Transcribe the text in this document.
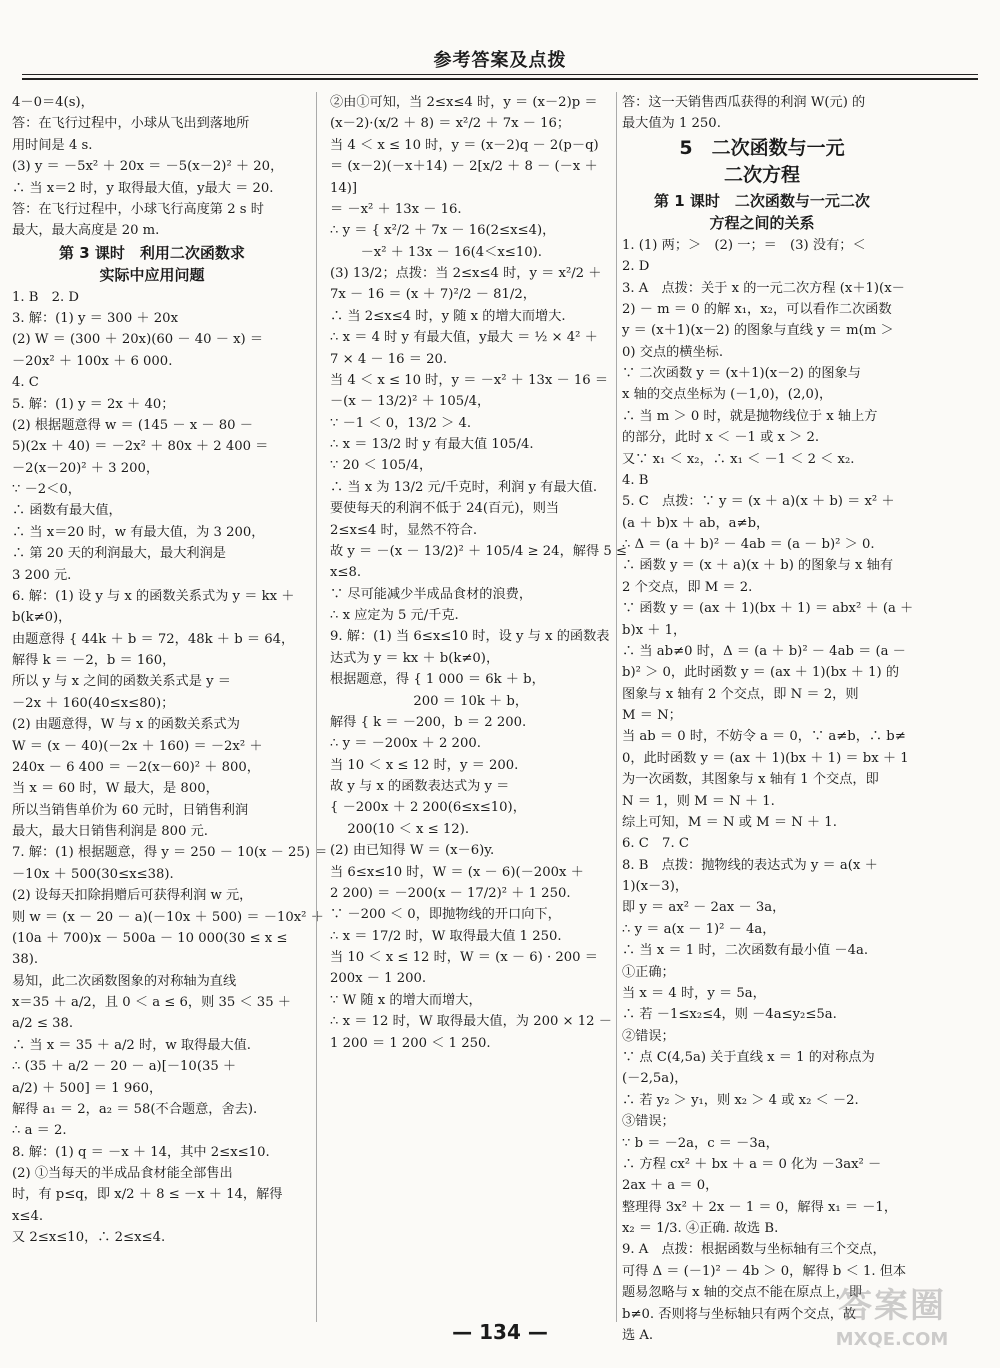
参考答案及点拨
4－0＝4(s)，
答：在飞行过程中，小球从飞出到落地所
用时间是 4 s.
(3) y ＝ －5x² ＋ 20x ＝ －5(x－2)² ＋ 20，
∴ 当 x＝2 时，y 取得最大值，y最大 ＝ 20.
答：在飞行过程中，小球飞行高度第 2 s 时
最大，最大高度是 20 m.
第 3 课时　利用二次函数求
实际中应用问题
1. B　2. D
3. 解：(1) y ＝ 300 ＋ 20x
(2) W ＝ (300 ＋ 20x)(60 － 40 － x) ＝
－20x² ＋ 100x ＋ 6 000.
4. C
5. 解：(1) y ＝ 2x ＋ 40；
(2) 根据题意得 w ＝ (145 － x － 80 －
5)(2x ＋ 40) ＝ －2x² ＋ 80x ＋ 2 400 ＝
－2(x－20)² ＋ 3 200，
∵ －2＜0，
∴ 函数有最大值，
∴ 当 x＝20 时，w 有最大值，为 3 200，
∴ 第 20 天的利润最大，最大利润是
3 200 元.
6. 解：(1) 设 y 与 x 的函数关系式为 y ＝ kx ＋
b(k≠0)，
由题意得 { 44k ＋ b ＝ 72，48k ＋ b ＝ 64，
解得 k ＝ －2，b ＝ 160，
所以 y 与 x 之间的函数关系式是 y ＝
－2x ＋ 160(40≤x≤80)；
(2) 由题意得，W 与 x 的函数关系式为
W ＝ (x － 40)(－2x ＋ 160) ＝ －2x² ＋
240x － 6 400 ＝ －2(x－60)² ＋ 800，
当 x ＝ 60 时，W 最大，是 800，
所以当销售单价为 60 元时，日销售利润
最大，最大日销售利润是 800 元.
7. 解：(1) 根据题意，得 y ＝ 250 － 10(x － 25) ＝
－10x ＋ 500(30≤x≤38).
(2) 设每天扣除捐赠后可获得利润 w 元，
则 w ＝ (x － 20 － a)(－10x ＋ 500) ＝ －10x² ＋
(10a ＋ 700)x － 500a － 10 000(30 ≤ x ≤
38).
易知，此二次函数图象的对称轴为直线
x＝35 ＋ a/2，且 0 ＜ a ≤ 6，则 35 ＜ 35 ＋
a/2 ≤ 38.
∴ 当 x ＝ 35 ＋ a/2 时，w 取得最大值.
∴ (35 ＋ a/2 － 20 － a)[－10(35 ＋
a/2) ＋ 500] ＝ 1 960，
解得 a₁ ＝ 2，a₂ ＝ 58(不合题意，舍去).
∴ a ＝ 2.
8. 解：(1) q ＝ －x ＋ 14，其中 2≤x≤10.
(2) ①当每天的半成品食材能全部售出
时，有 p≤q，即 x/2 ＋ 8 ≤ －x ＋ 14，解得
x≤4.
又 2≤x≤10，∴ 2≤x≤4.
②由①可知，当 2≤x≤4 时，y ＝ (x－2)p ＝
(x－2)·(x/2 ＋ 8) ＝ x²/2 ＋ 7x － 16；
当 4 ＜ x ≤ 10 时，y ＝ (x－2)q － 2(p－q)
＝ (x－2)(－x＋14) － 2[x/2 ＋ 8 － (－x ＋
14)]
＝ －x² ＋ 13x － 16.
∴ y ＝ { x²/2 ＋ 7x － 16(2≤x≤4)，
　　 －x² ＋ 13x － 16(4＜x≤10).
(3) 13/2；点拨：当 2≤x≤4 时，y ＝ x²/2 ＋
7x － 16 ＝ (x ＋ 7)²/2 － 81/2，
∴ 当 2≤x≤4 时，y 随 x 的增大而增大.
∴ x ＝ 4 时 y 有最大值，y最大 ＝ ½ × 4² ＋
7 × 4 － 16 ＝ 20.
当 4 ＜ x ≤ 10 时，y ＝ －x² ＋ 13x － 16 ＝
－(x － 13/2)² ＋ 105/4，
∵ －1 ＜ 0，13/2 ＞ 4.
∴ x ＝ 13/2 时 y 有最大值 105/4.
∵ 20 ＜ 105/4，
∴ 当 x 为 13/2 元/千克时，利润 y 有最大值.
要使每天的利润不低于 24(百元)，则当
2≤x≤4 时，显然不符合.
故 y ＝ －(x － 13/2)² ＋ 105/4 ≥ 24，解得 5 ≤
x≤8.
∵ 尽可能减少半成品食材的浪费，
∴ x 应定为 5 元/千克.
9. 解：(1) 当 6≤x≤10 时，设 y 与 x 的函数表
达式为 y ＝ kx ＋ b(k≠0)，
根据题意，得 { 1 000 ＝ 6k ＋ b，
　　　　　　 200 ＝ 10k ＋ b，
解得 { k ＝ －200，b ＝ 2 200.
∴ y ＝ －200x ＋ 2 200.
当 10 ＜ x ≤ 12 时，y ＝ 200.
故 y 与 x 的函数表达式为 y ＝
{ －200x ＋ 2 200(6≤x≤10)，
　 200(10 ＜ x ≤ 12).
(2) 由已知得 W ＝ (x－6)y.
当 6≤x≤10 时，W ＝ (x － 6)(－200x ＋
2 200) ＝ －200(x － 17/2)² ＋ 1 250.
∵ －200 ＜ 0，即抛物线的开口向下，
∴ x ＝ 17/2 时，W 取得最大值 1 250.
当 10 ＜ x ≤ 12 时，W ＝ (x － 6) · 200 ＝
200x － 1 200.
∵ W 随 x 的增大而增大，
∴ x ＝ 12 时，W 取得最大值，为 200 × 12 －
1 200 ＝ 1 200 ＜ 1 250.
答：这一天销售西瓜获得的利润 W(元) 的
最大值为 1 250.
5　二次函数与一元
二次方程
第 1 课时　二次函数与一元二次
方程之间的关系
1. (1) 两；＞　(2) 一；＝　(3) 没有；＜
2. D
3. A　点拨：关于 x 的一元二次方程 (x＋1)(x－
2) － m ＝ 0 的解 x₁，x₂，可以看作二次函数
y ＝ (x＋1)(x－2) 的图象与直线 y ＝ m(m ＞
0) 交点的横坐标.
∵ 二次函数 y ＝ (x＋1)(x－2) 的图象与
x 轴的交点坐标为 (－1,0)，(2,0)，
∴ 当 m ＞ 0 时，就是抛物线位于 x 轴上方
的部分，此时 x ＜ －1 或 x ＞ 2.
又∵ x₁ ＜ x₂，∴ x₁ ＜ －1 ＜ 2 ＜ x₂.
4. B
5. C　点拨：∵ y ＝ (x ＋ a)(x ＋ b) ＝ x² ＋
(a ＋ b)x ＋ ab，a≠b，
∴ Δ ＝ (a ＋ b)² － 4ab ＝ (a － b)² ＞ 0.
∴ 函数 y ＝ (x ＋ a)(x ＋ b) 的图象与 x 轴有
2 个交点，即 M ＝ 2.
∵ 函数 y ＝ (ax ＋ 1)(bx ＋ 1) ＝ abx² ＋ (a ＋
b)x ＋ 1，
∴ 当 ab≠0 时，Δ ＝ (a ＋ b)² － 4ab ＝ (a －
b)² ＞ 0，此时函数 y ＝ (ax ＋ 1)(bx ＋ 1) 的
图象与 x 轴有 2 个交点，即 N ＝ 2，则
M ＝ N；
当 ab ＝ 0 时，不妨令 a ＝ 0，∵ a≠b，∴ b≠
0，此时函数 y ＝ (ax ＋ 1)(bx ＋ 1) ＝ bx ＋ 1
为一次函数，其图象与 x 轴有 1 个交点，即
N ＝ 1，则 M ＝ N ＋ 1.
综上可知，M ＝ N 或 M ＝ N ＋ 1.
6. C　7. C
8. B　点拨：抛物线的表达式为 y ＝ a(x ＋
1)(x－3)，
即 y ＝ ax² － 2ax － 3a，
∴ y ＝ a(x － 1)² － 4a，
∴ 当 x ＝ 1 时，二次函数有最小值 －4a.
①正确；
当 x ＝ 4 时，y ＝ 5a，
∴ 若 －1≤x₂≤4，则 －4a≤y₂≤5a.
②错误；
∵ 点 C(4,5a) 关于直线 x ＝ 1 的对称点为
(－2,5a)，
∴ 若 y₂ ＞ y₁，则 x₂ ＞ 4 或 x₂ ＜ －2.
③错误；
∵ b ＝ －2a，c ＝ －3a，
∴ 方程 cx² ＋ bx ＋ a ＝ 0 化为 －3ax² －
2ax ＋ a ＝ 0，
整理得 3x² ＋ 2x － 1 ＝ 0，解得 x₁ ＝ －1，
x₂ ＝ 1/3. ④正确. 故选 B.
9. A　点拨：根据函数与坐标轴有三个交点，
可得 Δ ＝ (－1)² － 4b ＞ 0，解得 b ＜ 1. 但本
题易忽略与 x 轴的交点不能在原点上，即
b≠0. 否则将与坐标轴只有两个交点，故
选 A.
— 134 —
答案圈
MXQE.COM
